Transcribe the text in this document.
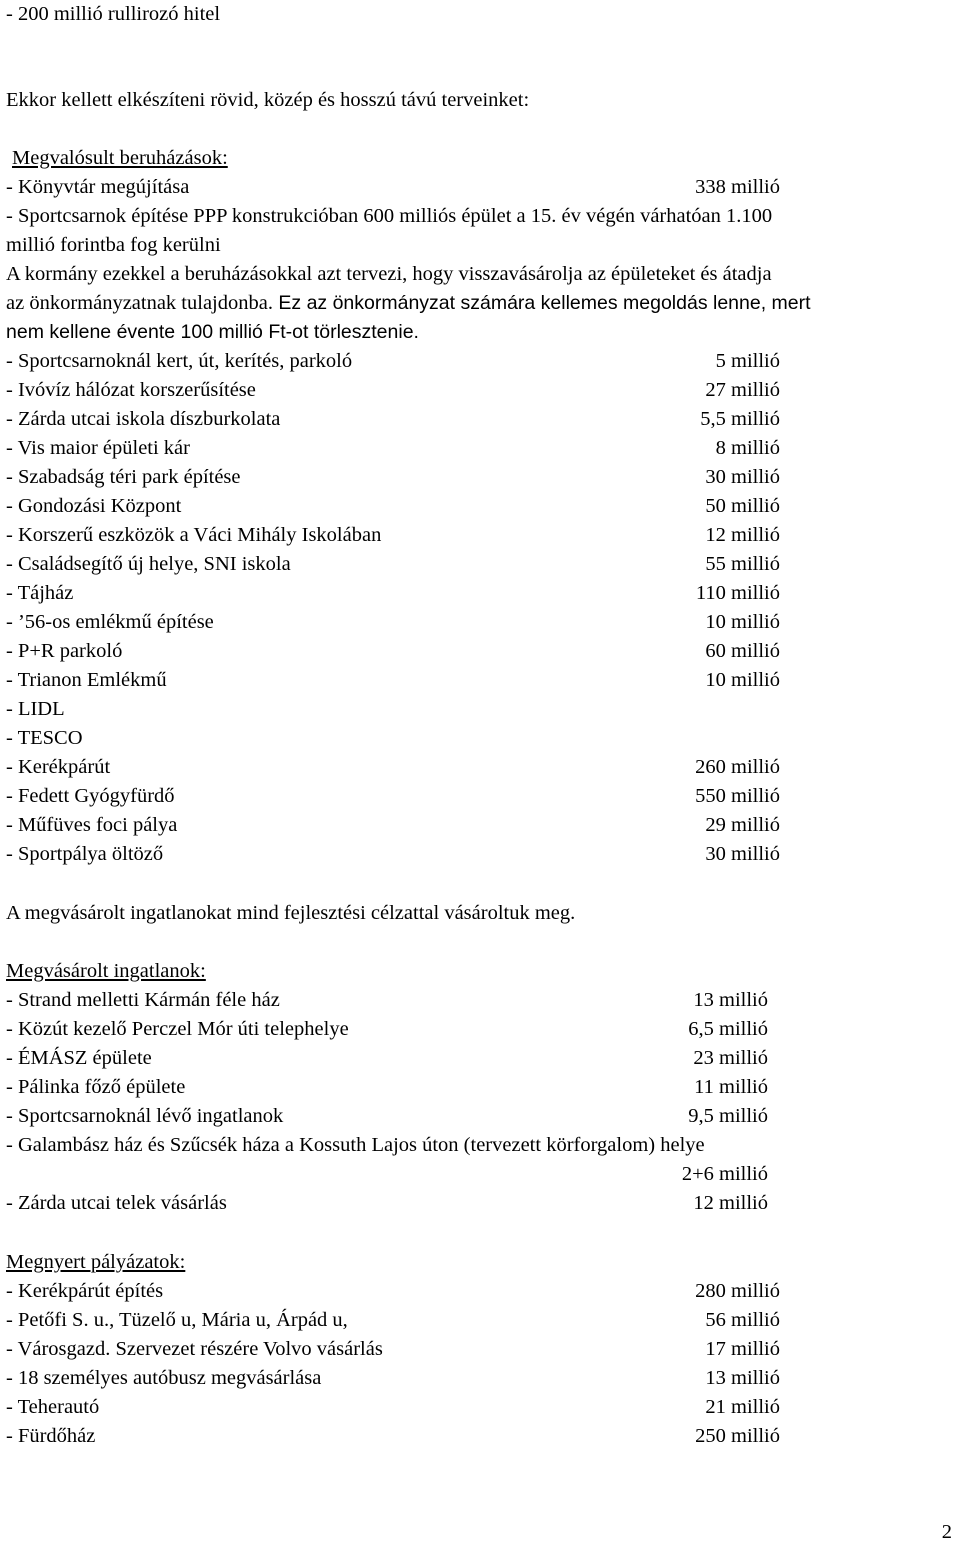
- 200 millió rullirozó hitel
Ekkor kellett elkészíteni rövid, közép és hosszú távú terveinket:
Megvalósult beruházások:
- Könyvtár megújítása	338 millió
- Sportcsarnok építése PPP konstrukcióban 600 milliós épület a 15. év végén várhatóan 1.100
millió forintba fog kerülni
A kormány ezekkel a beruházásokkal azt tervezi, hogy visszavásárolja az épületeket és átadja
az önkormányzatnak tulajdonba. Ez az önkormányzat számára kellemes megoldás lenne, mert
nem kellene évente 100 millió Ft-ot törlesztenie.
- Sportcsarnoknál kert, út, kerítés, parkoló	5 millió
- Ivóvíz hálózat korszerűsítése	27 millió
- Zárda utcai iskola díszburkolata	5,5 millió
- Vis maior épületi kár	8 millió
- Szabadság téri park építése	30 millió
- Gondozási Központ	50 millió
- Korszerű eszközök a Váci Mihály Iskolában	12 millió
- Családsegítő új helye, SNI iskola	55 millió
- Tájház	110 millió
- ’56-os emlékmű építése	10 millió
- P+R parkoló	60 millió
- Trianon Emlékmű	10 millió
- LIDL
- TESCO
- Kerékpárút	260 millió
- Fedett Gyógyfürdő	550 millió
- Műfüves foci pálya	29 millió
- Sportpálya öltöző	30 millió
A megvásárolt ingatlanokat mind fejlesztési célzattal vásároltuk meg.
Megvásárolt ingatlanok:
- Strand melletti Kármán féle ház	13 millió
- Közút kezelő Perczel Mór úti telephelye	6,5 millió
- ÉMÁSZ épülete	23 millió
- Pálinka főző épülete	11 millió
- Sportcsarnoknál lévő ingatlanok	9,5 millió
- Galambász ház és Szűcsék háza a Kossuth Lajos úton (tervezett körforgalom) helye
2+6 millió
- Zárda utcai telek vásárlás	12 millió
Megnyert pályázatok:
- Kerékpárút építés	280 millió
- Petőfi S. u., Tüzelő u, Mária u, Árpád u,	56 millió
- Városgazd. Szervezet részére Volvo vásárlás	17 millió
- 18 személyes autóbusz megvásárlása	13 millió
- Teherautó	21 millió
- Fürdőház	250 millió
2
